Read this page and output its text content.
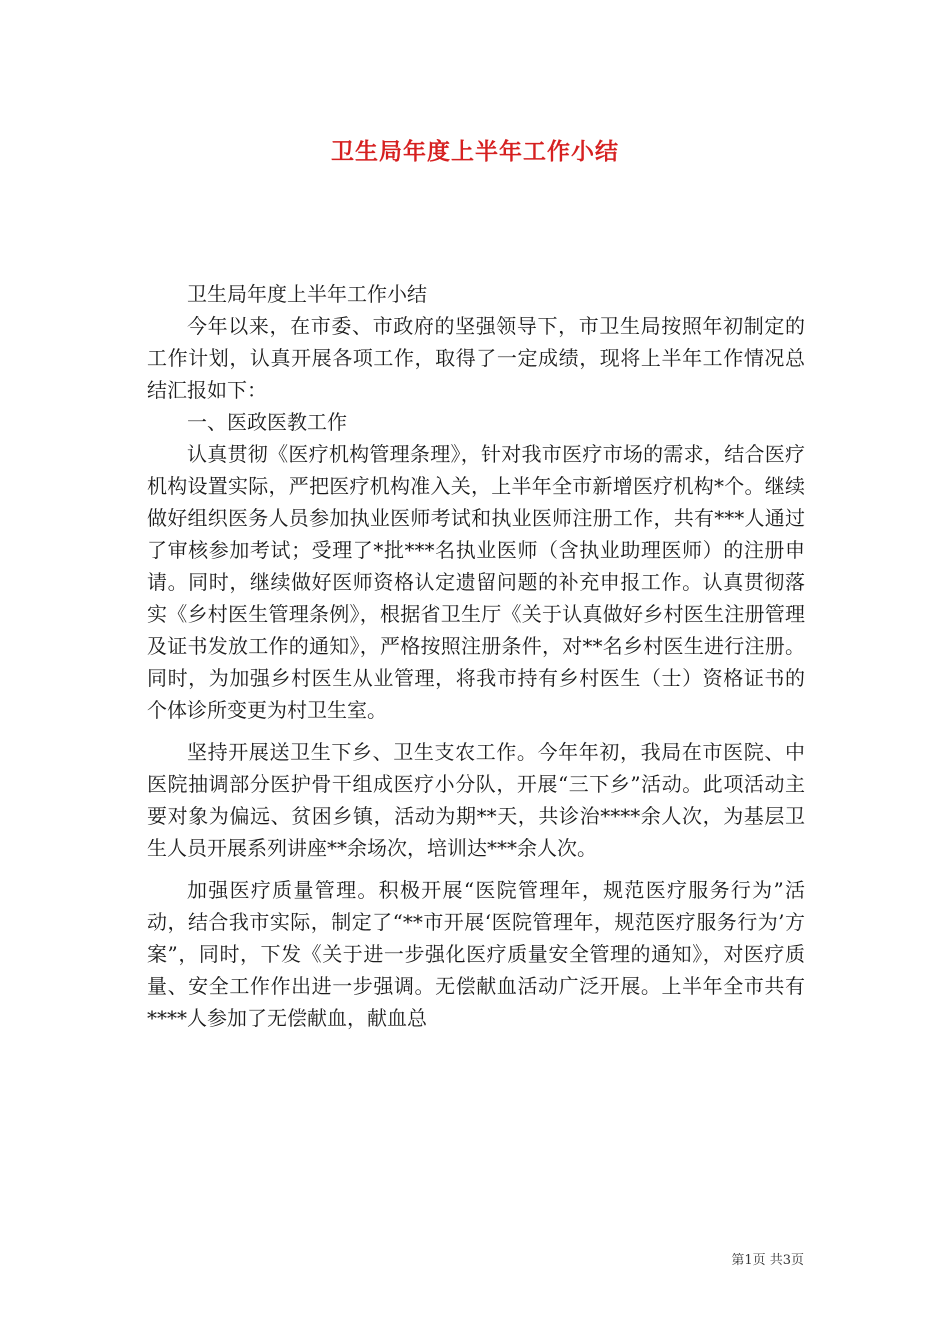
卫生局年度上半年工作小结

卫生局年度上半年工作小结

今年以来，在市委、市政府的坚强领导下，市卫生局按照年初制定的工作计划，认真开展各项工作，取得了一定成绩，现将上半年工作情况总结汇报如下：

一、医政医教工作

认真贯彻《医疗机构管理条理》，针对我市医疗市场的需求，结合医疗机构设置实际，严把医疗机构准入关，上半年全市新增医疗机构*个。继续做好组织医务人员参加执业医师考试和执业医师注册工作，共有***人通过了审核参加考试；受理了*批***名执业医师（含执业助理医师）的注册申请。同时，继续做好医师资格认定遗留问题的补充申报工作。认真贯彻落实《乡村医生管理条例》，根据省卫生厅《关于认真做好乡村医生注册管理及证书发放工作的通知》，严格按照注册条件，对**名乡村医生进行注册。同时，为加强乡村医生从业管理，将我市持有乡村医生（士）资格证书的个体诊所变更为村卫生室。

坚持开展送卫生下乡、卫生支农工作。今年年初，我局在市医院、中医院抽调部分医护骨干组成医疗小分队，开展“三下乡”活动。此项活动主要对象为偏远、贫困乡镇，活动为期**天，共诊治****余人次，为基层卫生人员开展系列讲座**余场次，培训达***余人次。

加强医疗质量管理。积极开展“医院管理年，规范医疗服务行为”活动，结合我市实际，制定了“**市开展‘医院管理年，规范医疗服务行为’方案”，同时，下发《关于进一步强化医疗质量安全管理的通知》，对医疗质量、安全工作作出进一步强调。无偿献血活动广泛开展。上半年全市共有****人参加了无偿献血，献血总

第1页 共3页
